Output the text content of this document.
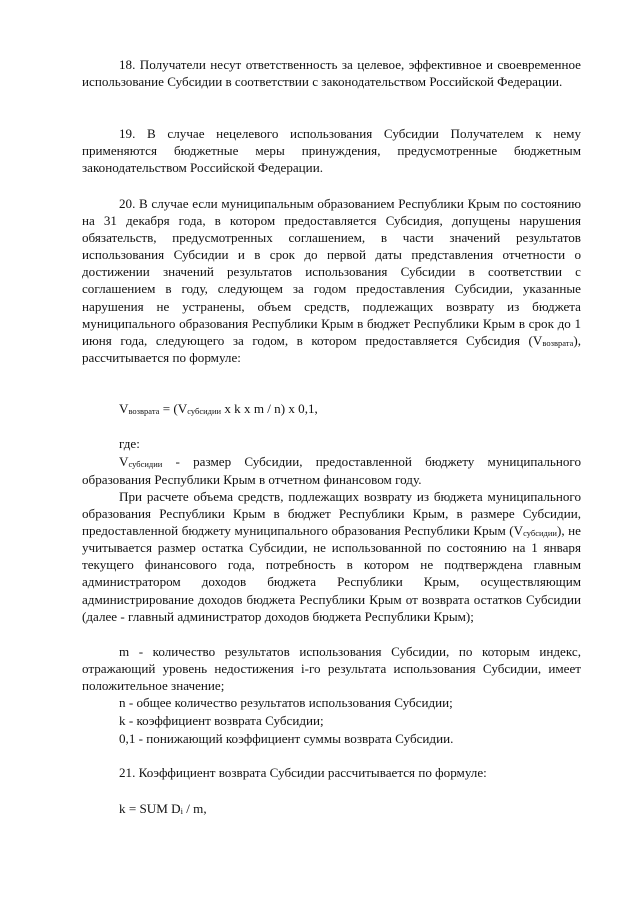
18. Получатели несут ответственность за целевое, эффективное и своевременное использование Субсидии в соответствии с законодательством Российской Федерации.

19. В случае нецелевого использования Субсидии Получателем к нему применяются бюджетные меры принуждения, предусмотренные бюджетным законодательством Российской Федерации.

20. В случае если муниципальным образованием Республики Крым по состоянию на 31 декабря года, в котором предоставляется Субсидия, допущены нарушения обязательств, предусмотренных соглашением, в части значений результатов использования Субсидии и в срок до первой даты представления отчетности о достижении значений результатов использования Субсидии в соответствии с соглашением в году, следующем за годом предоставления Субсидии, указанные нарушения не устранены, объем средств, подлежащих возврату из бюджета муниципального образования Республики Крым в бюджет Республики Крым в срок до 1 июня года, следующего за годом, в котором предоставляется Субсидия $(V_{возврата})$, рассчитывается по формуле:

$V_{возврата} = (V_{субсидии}$ x k x m / n) x 0,1,

где:

$V_{субсидии}$ - размер Субсидии, предоставленной бюджету муниципального образования Республики Крым в отчетном финансовом году.

При расчете объема средств, подлежащих возврату из бюджета муниципального образования Республики Крым в бюджет Республики Крым, в размере Субсидии, предоставленной бюджету муниципального образования Республики Крым $(V_{субсидии})$, не учитывается размер остатка Субсидии, не использованной по состоянию на 1 января текущего финансового года, потребность в котором не подтверждена главным администратором доходов бюджета Республики Крым, осуществляющим администрирование доходов бюджета Республики Крым от возврата остатков Субсидии (далее - главный администратор доходов бюджета Республики Крым);

m - количество результатов использования Субсидии, по которым индекс, отражающий уровень недостижения i-го результата использования Субсидии, имеет положительное значение;

n - общее количество результатов использования Субсидии;

k - коэффициент возврата Субсидии;

0,1 - понижающий коэффициент суммы возврата Субсидии.

21. Коэффициент возврата Субсидии рассчитывается по формуле:

k = SUM $D_i$ / m,
